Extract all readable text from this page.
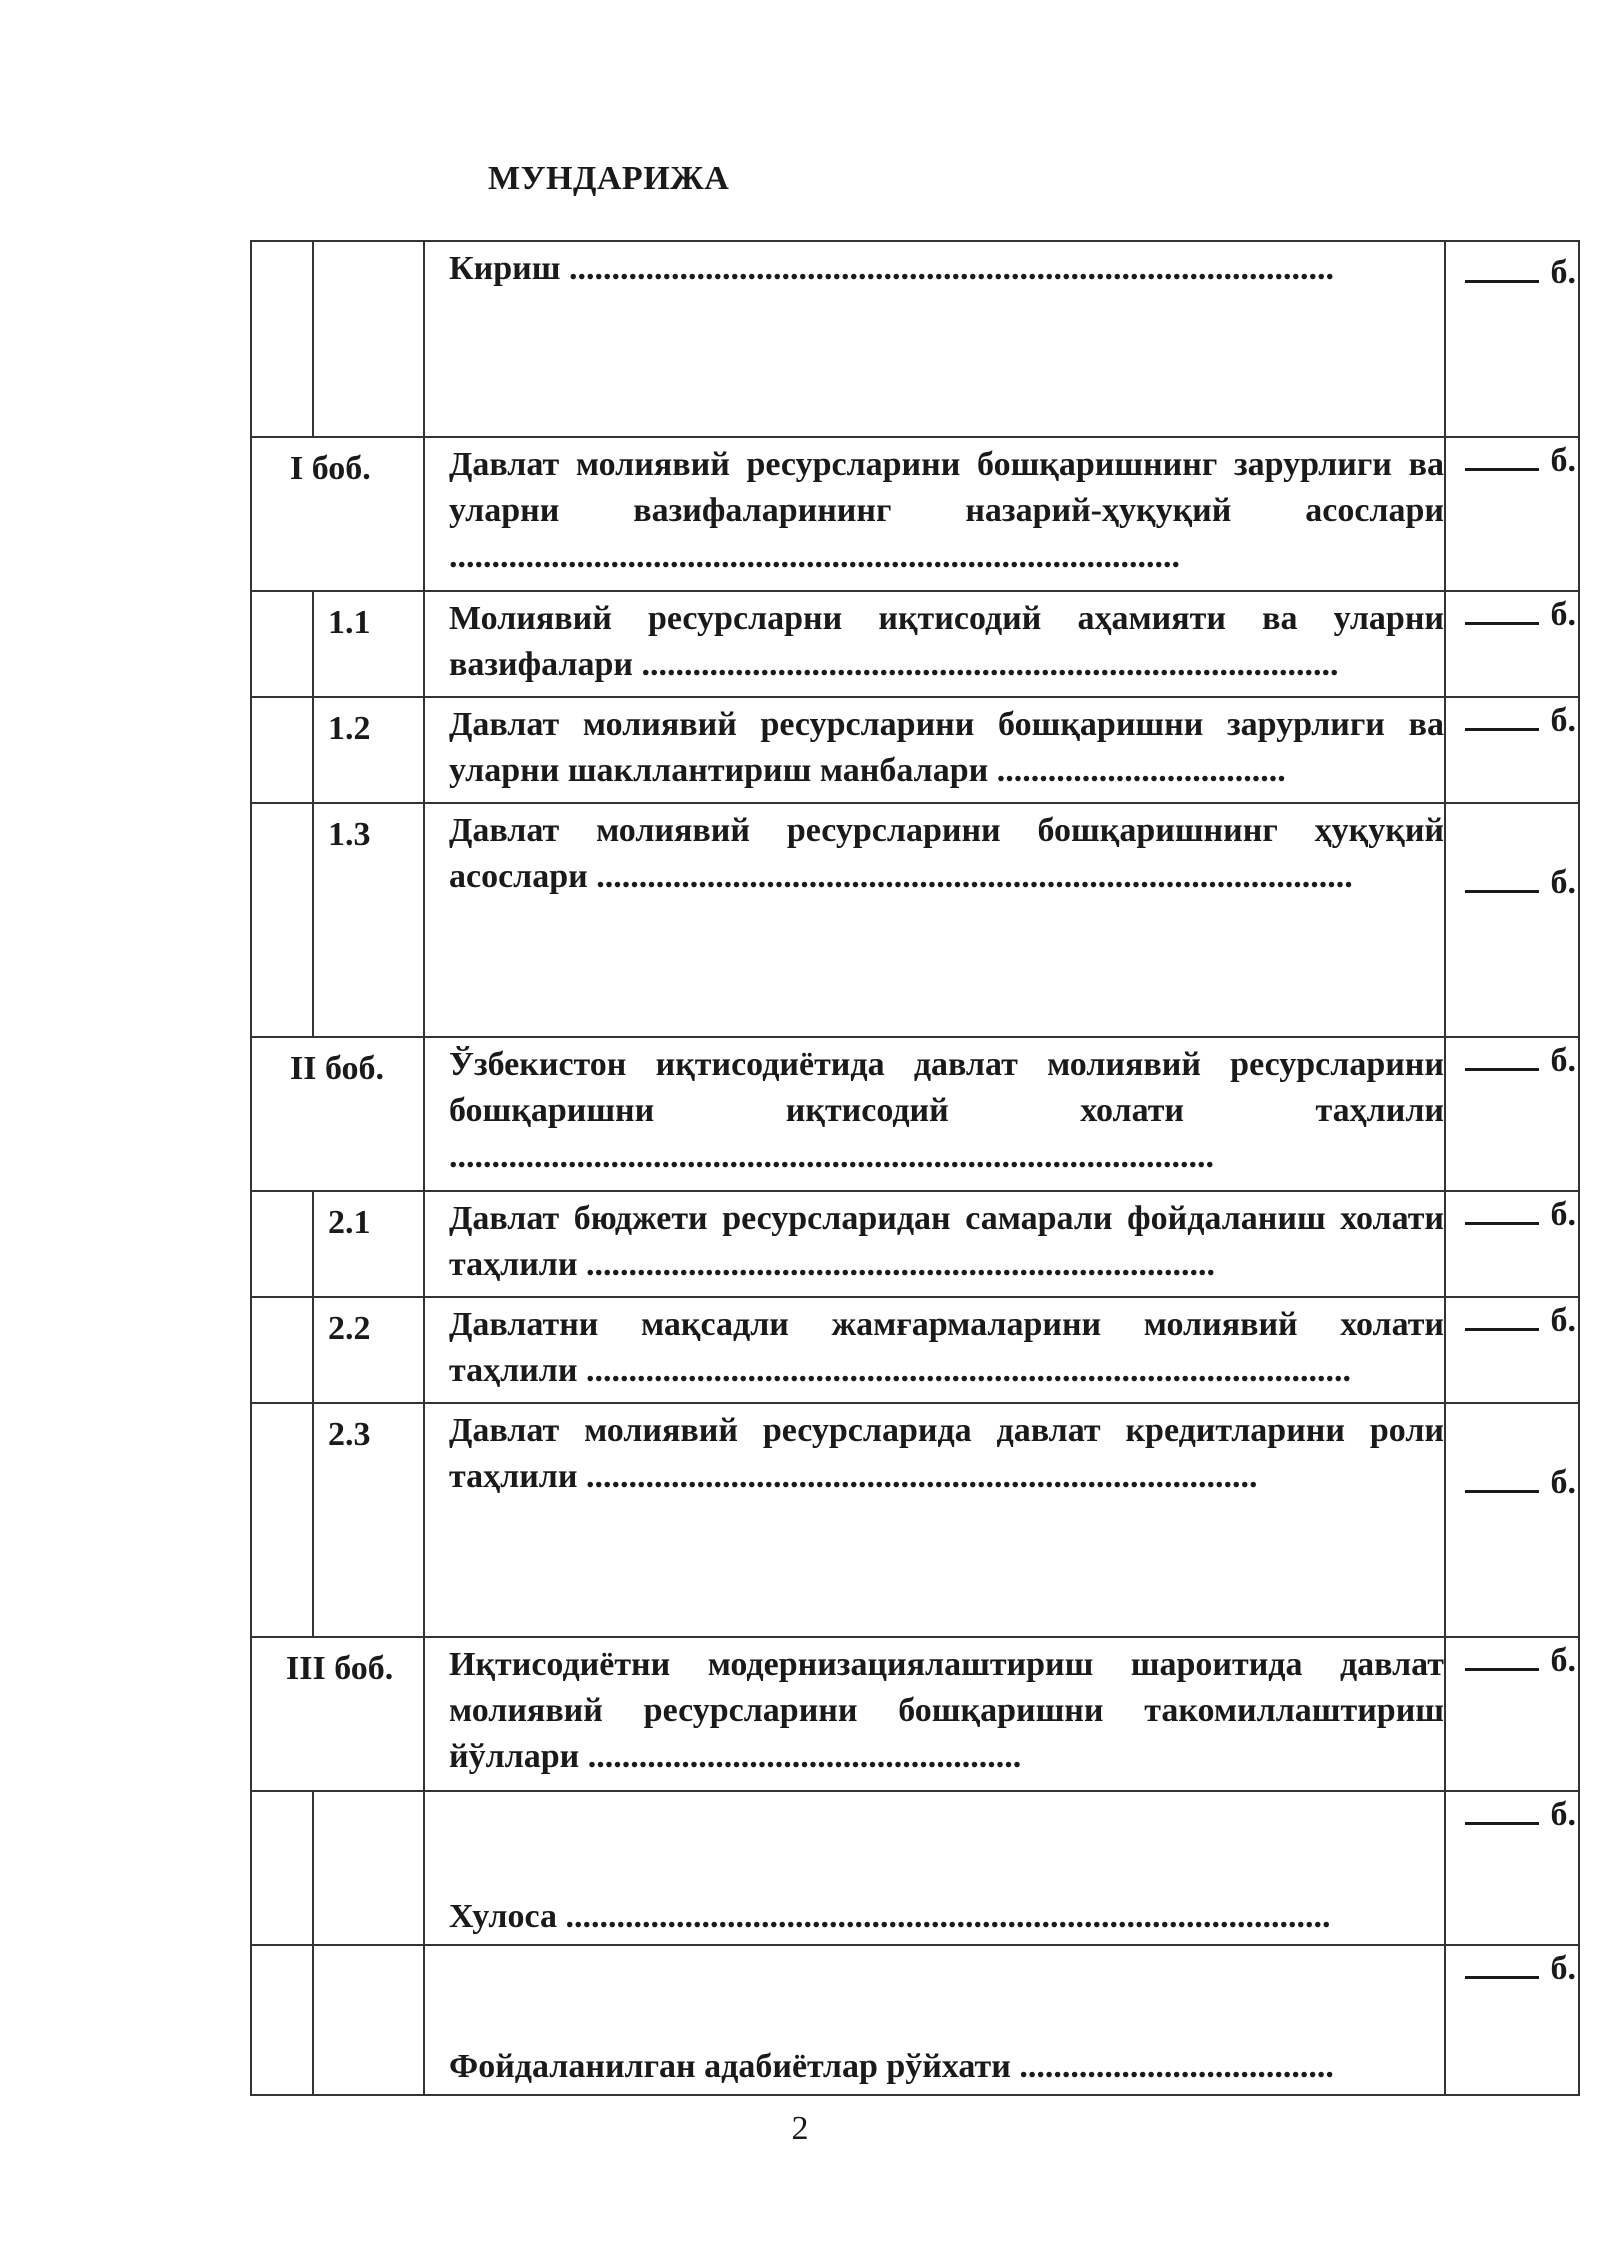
МУНДАРИЖА

		Кириш ..........................................................................................	б.
I боб.		Давлат молиявий ресурсларини бошқаришнинг зарурлиги ва уларни вазифаларининг назарий-ҳуқуқий асослари ......................................................................................	б.
	1.1	Молиявий ресурсларни иқтисодий аҳамияти ва уларни вазифалари ..................................................................................	б.
	1.2	Давлат молиявий ресурсларини бошқаришни зарурлиги ва уларни шакллантириш манбалари ..................................	б.
	1.3	Давлат молиявий ресурсларини бошқаришнинг ҳуқуқий асослари .........................................................................................	б.
II боб.		Ўзбекистон иқтисодиётида давлат молиявий ресурсларини бошқаришни иқтисодий холати таҳлили ..........................................................................................	б.
	2.1	Давлат бюджети ресурсларидан самарали фойдаланиш холати таҳлили ..........................................................................	б.
	2.2	Давлатни мақсадли жамғармаларини молиявий холати таҳлили ..........................................................................................	б.
	2.3	Давлат молиявий ресурсларида давлат кредитларини роли таҳлили ...............................................................................	б.
III боб.		Иқтисодиётни модернизациялаштириш шароитида давлат молиявий ресурсларини бошқаришни такомиллаштириш йўллари ...................................................	б.

		Хулоса ..........................................................................................	б.

		Фойдаланилган адабиётлар рўйхати .....................................	б.
2
